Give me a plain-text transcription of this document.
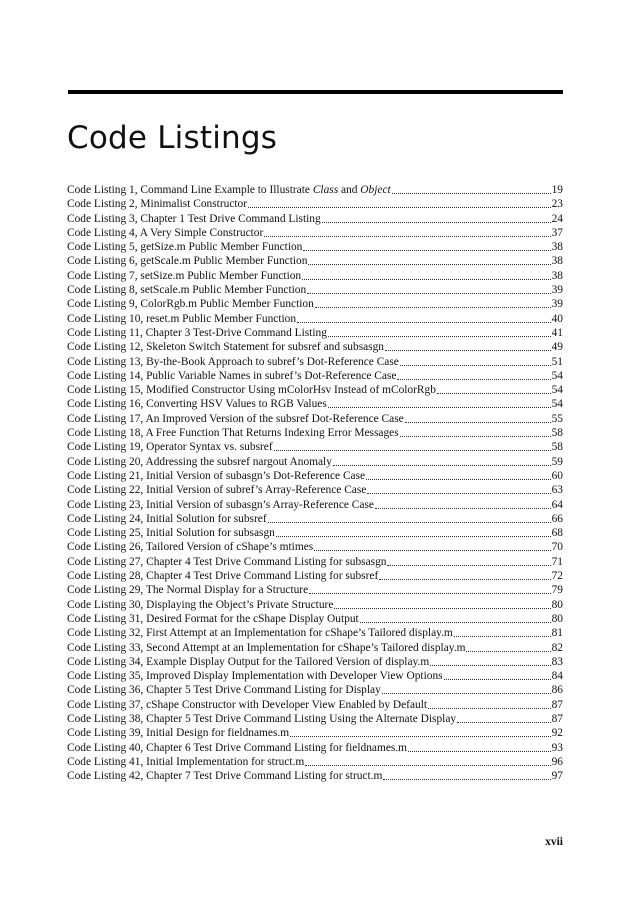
Code Listings
Code Listing 1, Command Line Example to Illustrate Class and Object	19
Code Listing 2, Minimalist Constructor	23
Code Listing 3, Chapter 1 Test Drive Command Listing	24
Code Listing 4, A Very Simple Constructor	37
Code Listing 5, getSize.m Public Member Function	38
Code Listing 6, getScale.m Public Member Function	38
Code Listing 7, setSize.m Public Member Function	38
Code Listing 8, setScale.m Public Member Function	39
Code Listing 9, ColorRgb.m Public Member Function	39
Code Listing 10, reset.m Public Member Function	40
Code Listing 11, Chapter 3 Test-Drive Command Listing	41
Code Listing 12, Skeleton Switch Statement for subsref and subsasgn	49
Code Listing 13, By-the-Book Approach to subref’s Dot-Reference Case	51
Code Listing 14, Public Variable Names in subref’s Dot-Reference Case	54
Code Listing 15, Modified Constructor Using mColorHsv Instead of mColorRgb	54
Code Listing 16, Converting HSV Values to RGB Values	54
Code Listing 17, An Improved Version of the subsref Dot-Reference Case	55
Code Listing 18, A Free Function That Returns Indexing Error Messages	58
Code Listing 19, Operator Syntax vs. subsref	58
Code Listing 20, Addressing the subsref nargout Anomaly	59
Code Listing 21, Initial Version of subasgn’s Dot-Reference Case	60
Code Listing 22, Initial Version of subref’s Array-Reference Case	63
Code Listing 23, Initial Version of subasgn’s Array-Reference Case	64
Code Listing 24, Initial Solution for subsref	66
Code Listing 25, Initial Solution for subsasgn	68
Code Listing 26, Tailored Version of cShape’s mtimes	70
Code Listing 27, Chapter 4 Test Drive Command Listing for subsasgn	71
Code Listing 28, Chapter 4 Test Drive Command Listing for subsref	72
Code Listing 29, The Normal Display for a Structure	79
Code Listing 30, Displaying the Object’s Private Structure	80
Code Listing 31, Desired Format for the cShape Display Output	80
Code Listing 32, First Attempt at an Implementation for cShape’s Tailored display.m	81
Code Listing 33, Second Attempt at an Implementation for cShape’s Tailored display.m	82
Code Listing 34, Example Display Output for the Tailored Version of display.m	83
Code Listing 35, Improved Display Implementation with Developer View Options	84
Code Listing 36, Chapter 5 Test Drive Command Listing for Display	86
Code Listing 37, cShape Constructor with Developer View Enabled by Default	87
Code Listing 38, Chapter 5 Test Drive Command Listing Using the Alternate Display	87
Code Listing 39, Initial Design for fieldnames.m	92
Code Listing 40, Chapter 6 Test Drive Command Listing for fieldnames.m	93
Code Listing 41, Initial Implementation for struct.m	96
Code Listing 42, Chapter 7 Test Drive Command Listing for struct.m	97
xvii
